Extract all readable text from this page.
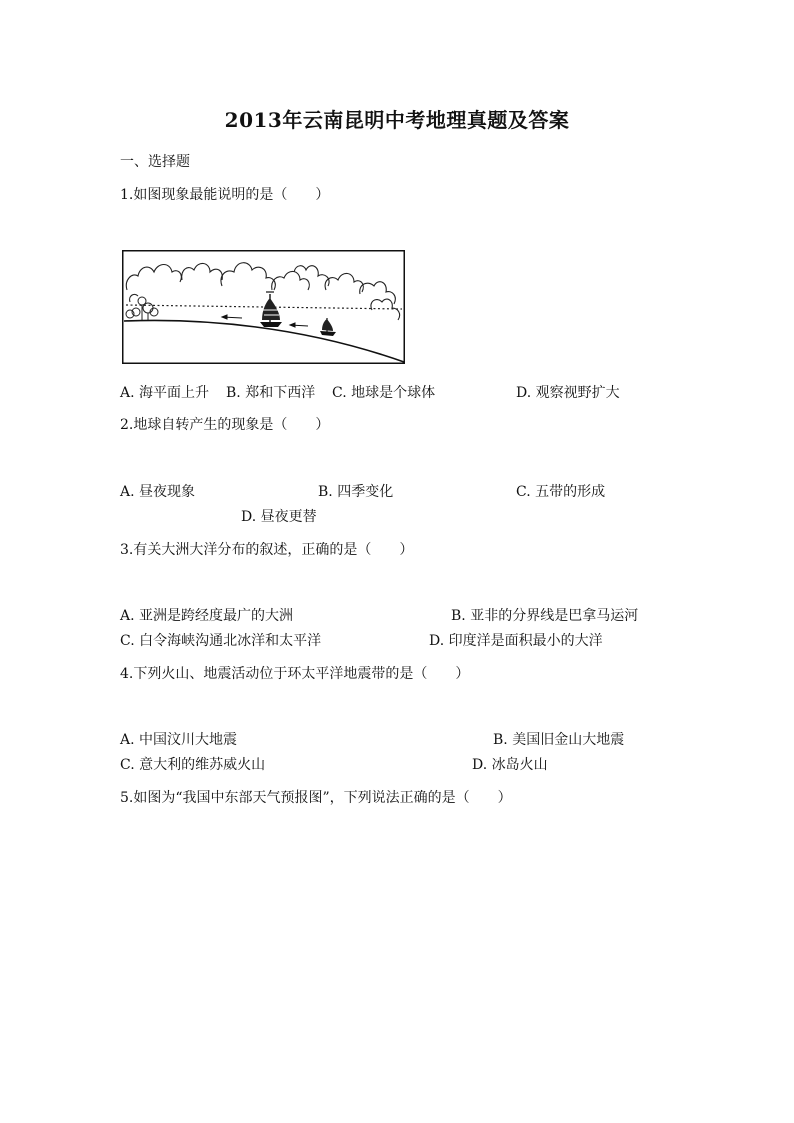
2013年云南昆明中考地理真题及答案
一、选择题
1.如图现象最能说明的是（　　）
A. 海平面上升 B. 郑和下西洋 C. 地球是个球体	D. 观察视野扩大
2.地球自转产生的现象是（　　）
A. 昼夜现象	B. 四季变化	C. 五带的形成
D. 昼夜更替
3.有关大洲大洋分布的叙述，正确的是（　　）
A. 亚洲是跨经度最广的大洲	B. 亚非的分界线是巴拿马运河
C. 白令海峡沟通北冰洋和太平洋	D. 印度洋是面积最小的大洋
4.下列火山、地震活动位于环太平洋地震带的是（　　）
A. 中国汶川大地震	B. 美国旧金山大地震
C. 意大利的维苏威火山	D. 冰岛火山
5.如图为“我国中东部天气预报图”，下列说法正确的是（　　）
